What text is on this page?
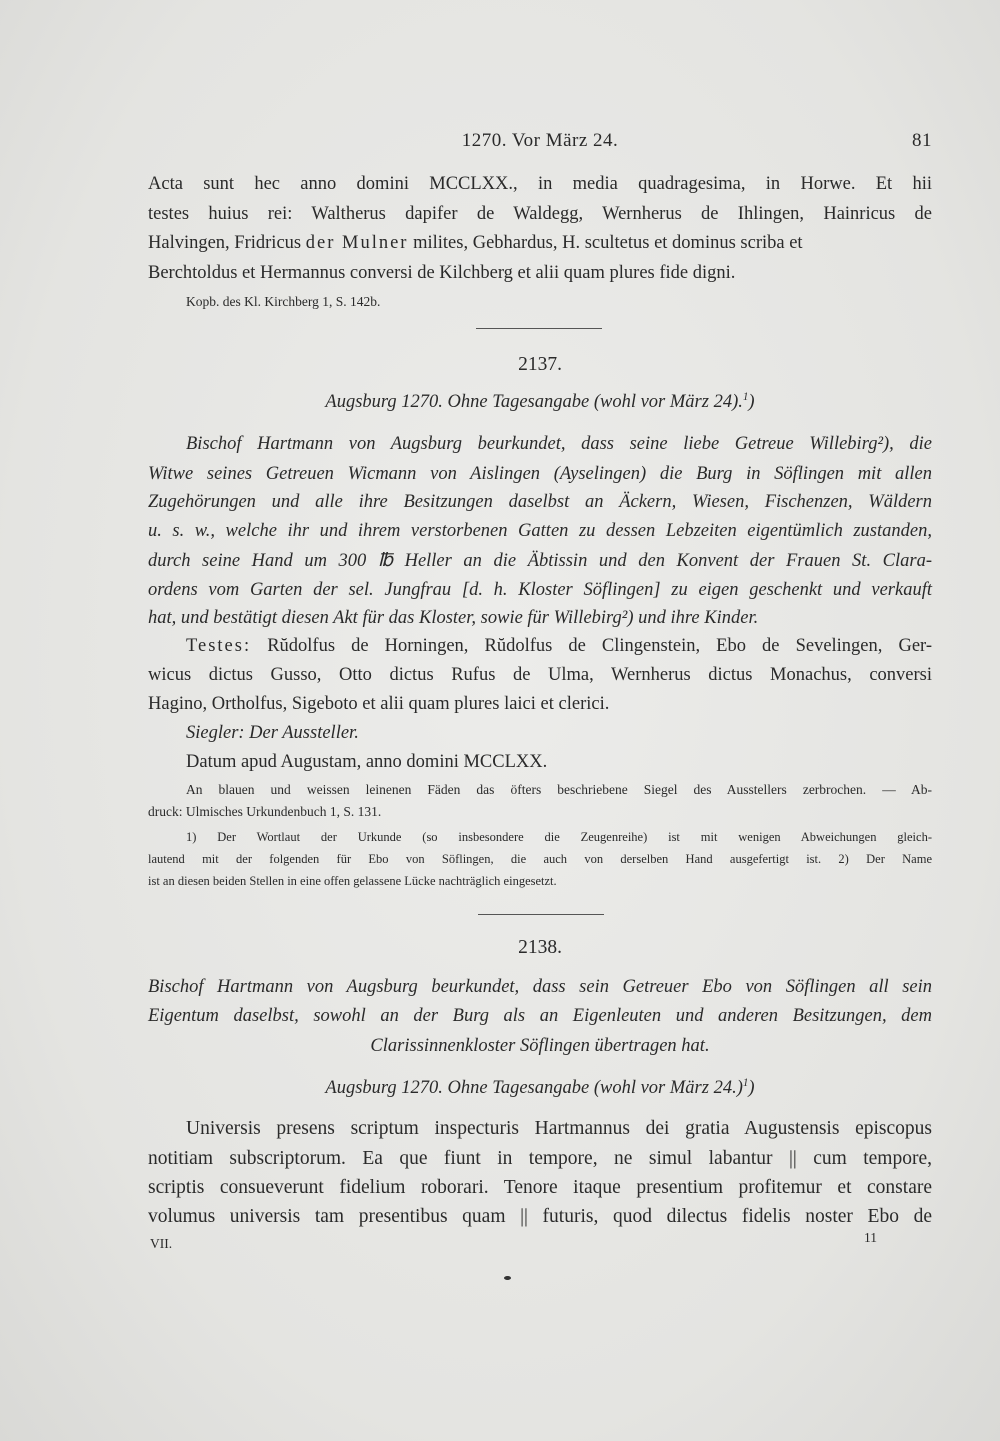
1270. Vor März 24.	81
Acta sunt hec anno domini MCCLXX., in media quadragesima, in Horwe. Et hii
testes huius rei: Waltherus dapifer de Waldegg, Wernherus de Ihlingen, Hainricus de
Halvingen, Fridricus der Mulner milites, Gebhardus, H. scultetus et dominus scriba et
Berchtoldus et Hermannus conversi de Kilchberg et alii quam plures fide digni.
Kopb. des Kl. Kirchberg 1, S. 142b.
2137.
Augsburg 1270. Ohne Tagesangabe (wohl vor März 24).$^1$)
Bischof Hartmann von Augsburg beurkundet, dass seine liebe Getreue Willebirg²), die
Witwe seines Getreuen Wicmann von Aislingen (Ayselingen) die Burg in Söflingen mit allen
Zugehörungen und alle ihre Besitzungen daselbst an Äckern, Wiesen, Fischenzen, Wäldern
u. s. w., welche ihr und ihrem verstorbenen Gatten zu dessen Lebzeiten eigentümlich zustanden,
durch seine Hand um 300 ℔ Heller an die Äbtissin und den Konvent der Frauen St. Clara-
ordens vom Garten der sel. Jungfrau [d. h. Kloster Söflingen] zu eigen geschenkt und verkauft
hat, und bestätigt diesen Akt für das Kloster, sowie für Willebirg²) und ihre Kinder.
Testes: Rŭdolfus de Horningen, Rŭdolfus de Clingenstein, Ebo de Sevelingen, Ger-
wicus dictus Gusso, Otto dictus Rufus de Ulma, Wernherus dictus Monachus, conversi
Hagino, Ortholfus, Sigeboto et alii quam plures laici et clerici.
Siegler: Der Aussteller.
Datum apud Augustam, anno domini MCCLXX.
An blauen und weissen leinenen Fäden das öfters beschriebene Siegel des Ausstellers zerbrochen. — Ab-
druck: Ulmisches Urkundenbuch 1, S. 131.
1) Der Wortlaut der Urkunde (so insbesondere die Zeugenreihe) ist mit wenigen Abweichungen gleich-
lautend mit der folgenden für Ebo von Söflingen, die auch von derselben Hand ausgefertigt ist. 2) Der Name
ist an diesen beiden Stellen in eine offen gelassene Lücke nachträglich eingesetzt.
2138.
Bischof Hartmann von Augsburg beurkundet, dass sein Getreuer Ebo von Söflingen all sein
Eigentum daselbst, sowohl an der Burg als an Eigenleuten und anderen Besitzungen, dem
Clarissinnenkloster Söflingen übertragen hat.
Augsburg 1270. Ohne Tagesangabe (wohl vor März 24.)$^1$)
Universis presens scriptum inspecturis Hartmannus dei gratia Augustensis episcopus
notitiam subscriptorum. Ea que fiunt in tempore, ne simul labantur || cum tempore,
scriptis consueverunt fidelium roborari. Tenore itaque presentium profitemur et constare
volumus universis tam presentibus quam || futuris, quod dilectus fidelis noster Ebo de
VII.	11
